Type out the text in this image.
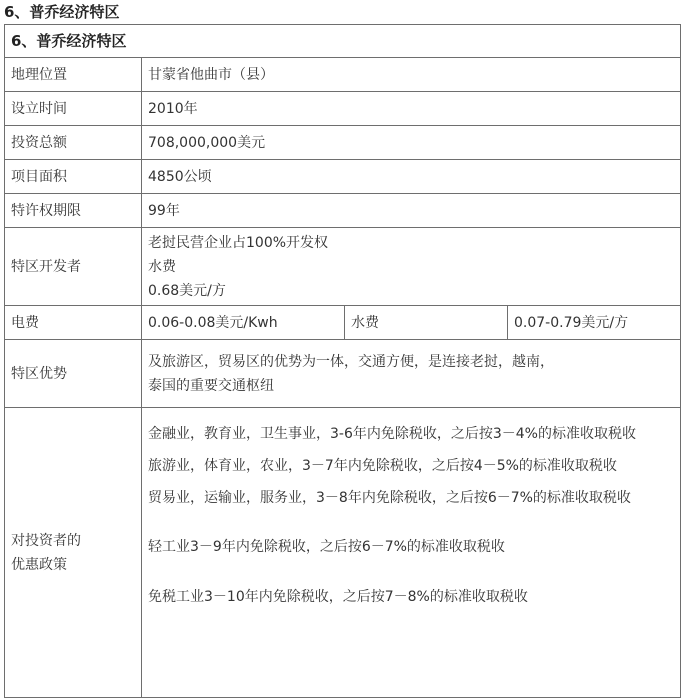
6、普乔经济特区
6、普乔经济特区			
地理位置	甘蒙省他曲市（县）		
设立时间	2010年		
投资总额	708,000,000美元		
项目面积	4850公顷		
特许权期限	99年		
特区开发者	老挝民营企业占100%开发权
水费
0.68美元/方		

电费	0.06-0.08美元/Kwh	水费	0.07-0.79美元/方
特区优势	及旅游区，贸易区的优势为一体，交通方便，是连接老挝，越南，
泰国的重要交通枢纽		

对投资者的
优惠政策	金融业，教育业，卫生事业，3-6年内免除税收，之后按3－4%的标准收取税收
旅游业，体育业，农业，3－7年内免除税收，之后按4－5%的标准收取税收
贸易业，运输业，服务业，3－8年内免除税收，之后按6－7%的标准收取税收
轻工业3－9年内免除税收，之后按6－7%的标准收取税收
免税工业3－10年内免除税收，之后按7－8%的标准收取税收		
